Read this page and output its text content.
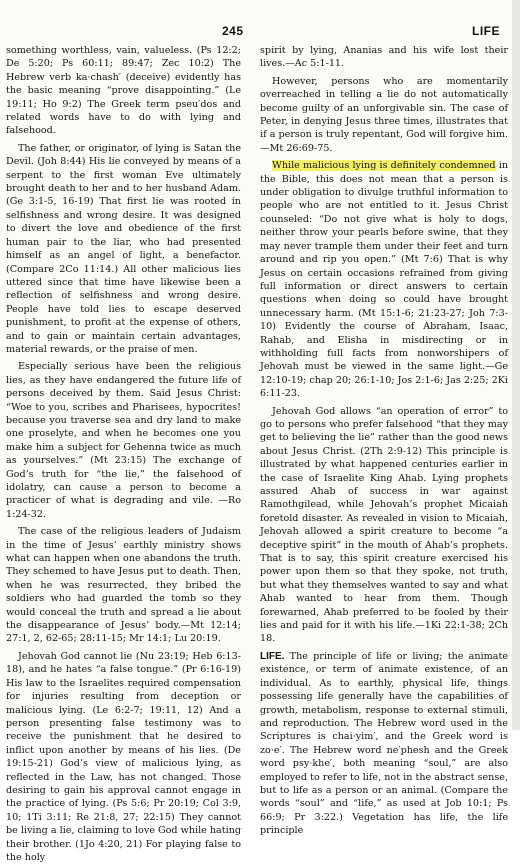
245	LIFE

something worthless, vain, valueless. (Ps 12:2; De 5:20; Ps 60:11; 89:47; Zec 10:2) The Hebrew verb ka·chash′ (deceive) evidently has the basic meaning “prove disappointing.” (Le 19:11; Ho 9:2) The Greek term pseu′dos and related words have to do with lying and falsehood.

The father, or originator, of lying is Satan the Devil. (Joh 8:44) His lie conveyed by means of a serpent to the first woman Eve ultimately brought death to her and to her husband Adam. (Ge 3:1-5, 16-19) That first lie was rooted in selfishness and wrong desire. It was designed to divert the love and obedience of the first human pair to the liar, who had presented himself as an angel of light, a benefactor. (Compare 2Co 11:14.) All other malicious lies uttered since that time have likewise been a reflection of selfishness and wrong desire. People have told lies to escape deserved punishment, to profit at the expense of others, and to gain or maintain certain advantages, material rewards, or the praise of men.

Especially serious have been the religious lies, as they have endangered the future life of persons deceived by them. Said Jesus Christ: “Woe to you, scribes and Pharisees, hypocrites! because you traverse sea and dry land to make one proselyte, and when he becomes one you make him a subject for Gehenna twice as much as yourselves.” (Mt 23:15) The exchange of God’s truth for “the lie,” the falsehood of idolatry, can cause a person to become a practicer of what is degrading and vile. —Ro 1:24-32.

The case of the religious leaders of Judaism in the time of Jesus’ earthly ministry shows what can happen when one abandons the truth. They schemed to have Jesus put to death. Then, when he was resurrected, they bribed the soldiers who had guarded the tomb so they would conceal the truth and spread a lie about the disappearance of Jesus’ body.—Mt 12:14; 27:1, 2, 62-65; 28:11-15; Mr 14:1; Lu 20:19.

Jehovah God cannot lie (Nu 23:19; Heb 6:13-18), and he hates “a false tongue.” (Pr 6:16-19) His law to the Israelites required compensation for injuries resulting from deception or malicious lying. (Le 6:2-7; 19:11, 12) And a person presenting false testimony was to receive the punishment that he desired to inflict upon another by means of his lies. (De 19:15-21) God’s view of malicious lying, as reflected in the Law, has not changed. Those desiring to gain his approval cannot engage in the practice of lying. (Ps 5:6; Pr 20:19; Col 3:9, 10; 1Ti 3:11; Re 21:8, 27; 22:15) They cannot be living a lie, claiming to love God while hating their brother. (1Jo 4:20, 21) For playing false to the holy

spirit by lying, Ananias and his wife lost their lives.—Ac 5:1-11.

However, persons who are momentarily overreached in telling a lie do not automatically become guilty of an unforgivable sin. The case of Peter, in denying Jesus three times, illustrates that if a person is truly repentant, God will forgive him. —Mt 26:69-75.

While malicious lying is definitely condemned in the Bible, this does not mean that a person is under obligation to divulge truthful information to people who are not entitled to it. Jesus Christ counseled: “Do not give what is holy to dogs, neither throw your pearls before swine, that they may never trample them under their feet and turn around and rip you open.” (Mt 7:6) That is why Jesus on certain occasions refrained from giving full information or direct answers to certain questions when doing so could have brought unnecessary harm. (Mt 15:1-6; 21:23-27; Joh 7:3-10) Evidently the course of Abraham, Isaac, Rahab, and Elisha in misdirecting or in withholding full facts from nonworshipers of Jehovah must be viewed in the same light.—Ge 12:10-19; chap 20; 26:1-10; Jos 2:1-6; Jas 2:25; 2Ki 6:11-23.

Jehovah God allows “an operation of error” to go to persons who prefer falsehood “that they may get to believing the lie” rather than the good news about Jesus Christ. (2Th 2:9-12) This principle is illustrated by what happened centuries earlier in the case of Israelite King Ahab. Lying prophets assured Ahab of success in war against Ramothgilead, while Jehovah’s prophet Micaiah foretold disaster. As revealed in vision to Micaiah, Jehovah allowed a spirit creature to become “a deceptive spirit” in the mouth of Ahab’s prophets. That is to say, this spirit creature exercised his power upon them so that they spoke, not truth, but what they themselves wanted to say and what Ahab wanted to hear from them. Though forewarned, Ahab preferred to be fooled by their lies and paid for it with his life.—1Ki 22:1-38; 2Ch 18.

LIFE. The principle of life or living; the animate existence, or term of animate existence, of an individual. As to earthly, physical life, things possessing life generally have the capabilities of growth, metabolism, response to external stimuli, and reproduction. The Hebrew word used in the Scriptures is chai·yim′, and the Greek word is zo·e′. The Hebrew word ne′phesh and the Greek word psy·khe′, both meaning “soul,” are also employed to refer to life, not in the abstract sense, but to life as a person or an animal. (Compare the words “soul” and “life,” as used at Job 10:1; Ps 66:9; Pr 3:22.) Vegetation has life, the life principle
